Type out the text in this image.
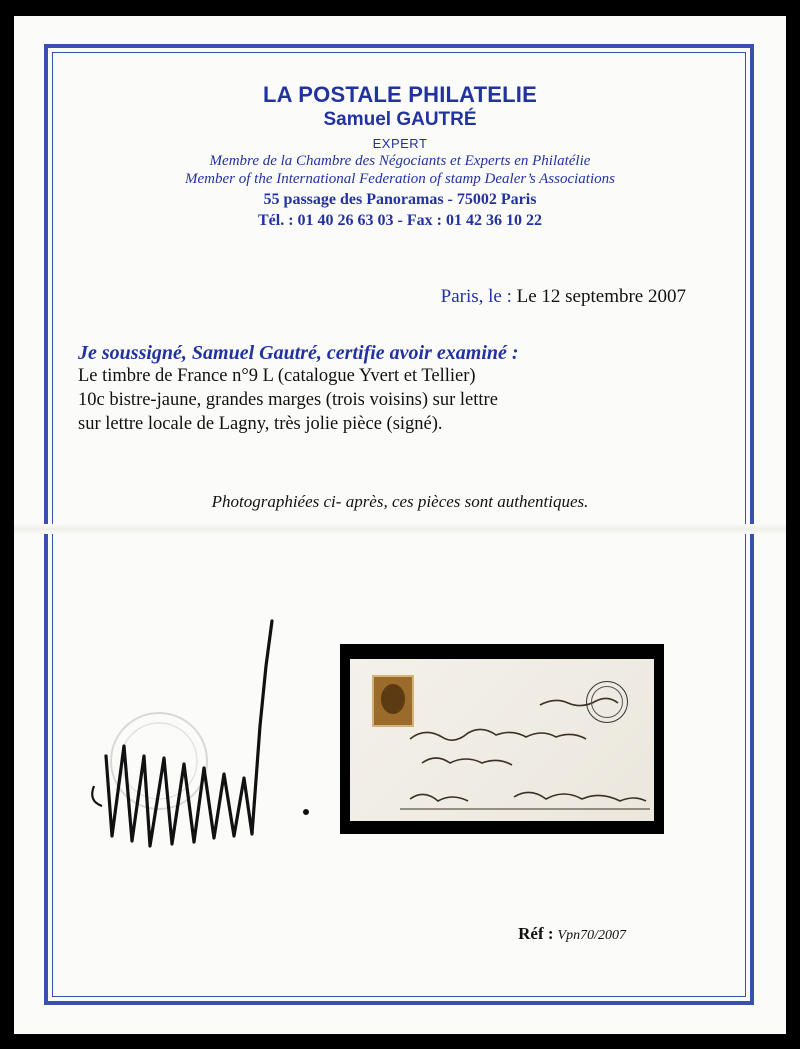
LA POSTALE PHILATELIE
Samuel GAUTRÉ
EXPERT
Membre de la Chambre des Négociants et Experts en Philatélie
Member of the International Federation of stamp Dealer’s Associations
55 passage des Panoramas - 75002 Paris
Tél. : 01 40 26 63 03 - Fax : 01 42 36 10 22
Paris, le : Le 12 septembre 2007
Je soussigné, Samuel Gautré, certifie avoir examiné :
Le timbre de France n°9 L (catalogue Yvert et Tellier)
10c bistre-jaune, grandes marges (trois voisins) sur lettre
sur lettre locale de Lagny, très jolie pièce (signé).
Photographiées ci- après, ces pièces sont authentiques.
Réf : Vpn70/2007
